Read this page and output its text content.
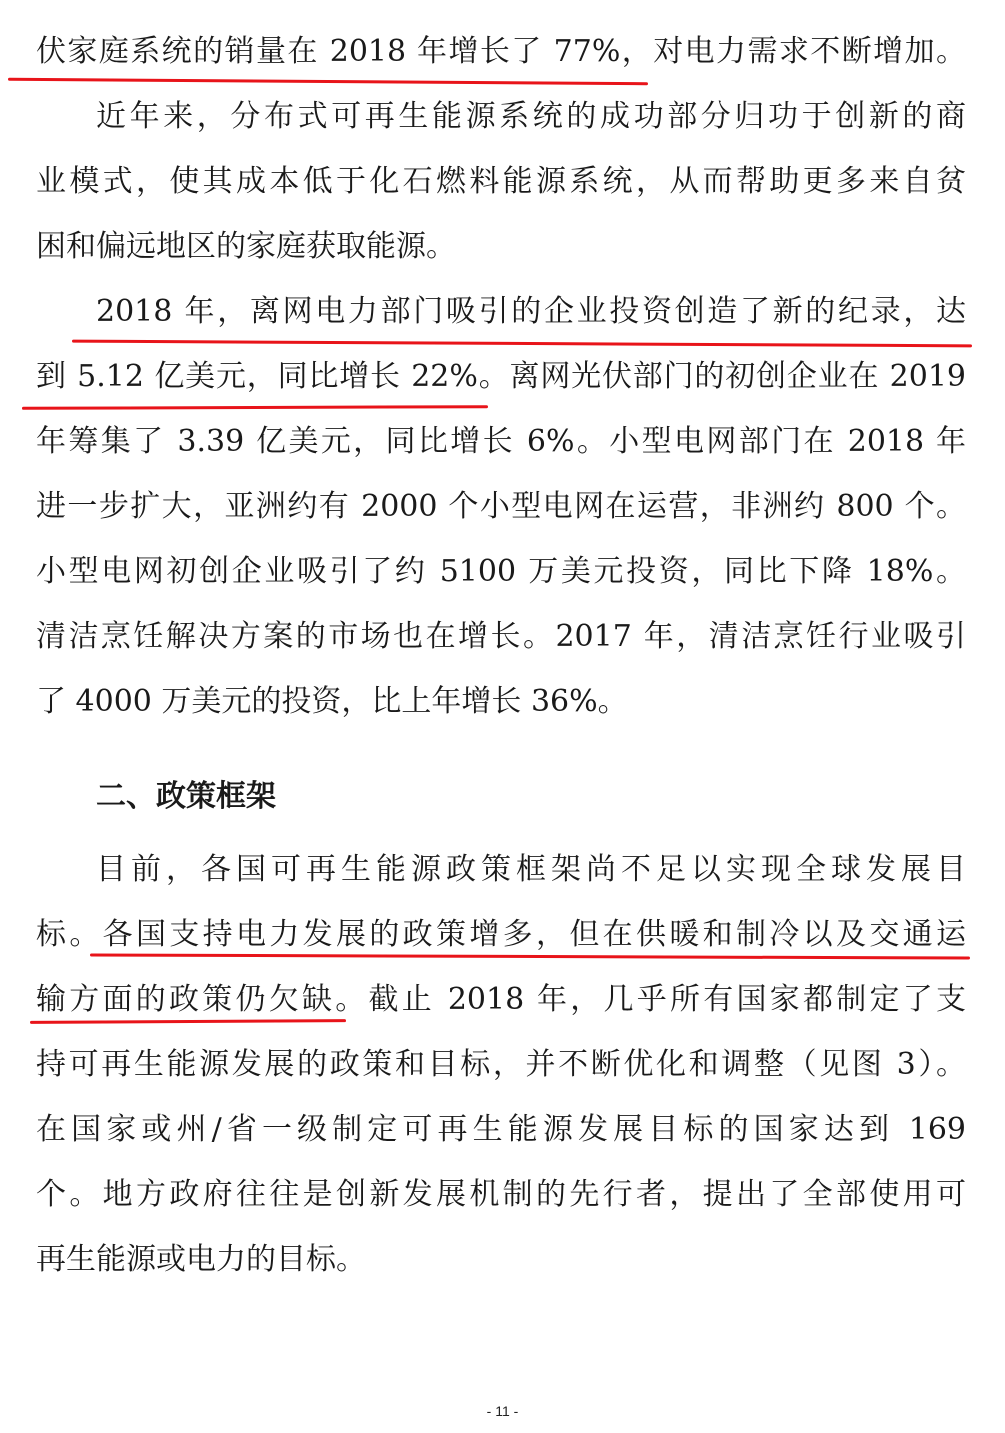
伏家庭系统的销量在 2018 年增长了 77%，对电力需求不断增加。
近年来，分布式可再生能源系统的成功部分归功于创新的商
业模式，使其成本低于化石燃料能源系统，从而帮助更多来自贫
困和偏远地区的家庭获取能源。
2018 年，离网电力部门吸引的企业投资创造了新的纪录，达
到 5.12 亿美元，同比增长 22%。离网光伏部门的初创企业在 2019
年筹集了 3.39 亿美元，同比增长 6%。小型电网部门在 2018 年
进一步扩大，亚洲约有 2000 个小型电网在运营，非洲约 800 个。
小型电网初创企业吸引了约 5100 万美元投资，同比下降 18%。
清洁烹饪解决方案的市场也在增长。2017 年，清洁烹饪行业吸引
了 4000 万美元的投资，比上年增长 36%。
二、政策框架
目前，各国可再生能源政策框架尚不足以实现全球发展目
标。各国支持电力发展的政策增多，但在供暖和制冷以及交通运
输方面的政策仍欠缺。截止 2018 年，几乎所有国家都制定了支
持可再生能源发展的政策和目标，并不断优化和调整（见图 3）。
在国家或州/省一级制定可再生能源发展目标的国家达到 169
个。地方政府往往是创新发展机制的先行者，提出了全部使用可
再生能源或电力的目标。
- 11 -
